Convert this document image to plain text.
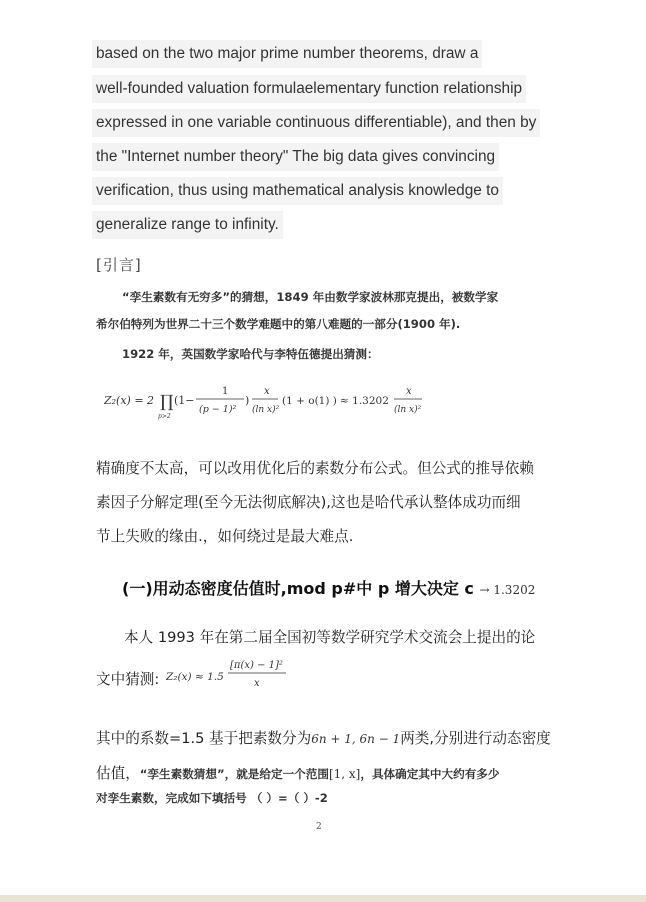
based on the two major prime number theorems, draw a
well-founded valuation formulaelementary function relationship
expressed in one variable continuous differentiable), and then by
the "Internet number theory" The big data gives convincing
verification, thus using mathematical analysis knowledge to
generalize range to infinity.
[引言]
“孪生素数有无穷多”的猜想，1849 年由数学家波林那克提出，被数学家
希尔伯特列为世界二十三个数学难题中的第八难题的一部分(1900 年).
1922 年，英国数学家哈代与李特伍德提出猜测：
Z₂(x) = 2 ∏
p>2
(1−
1
(p − 1)²
)
x
(ln x)²
(1 + o(1) ) ≈ 1.3202
x
(ln x)²
精确度不太高，可以改用优化后的素数分布公式。但公式的推导依赖
素因子分解定理(至今无法彻底解决),这也是哈代承认整体成功而细
节上失败的缘由.，如何绕过是最大难点.
(一)用动态密度估值时,mod p#中 p 增大决定 c → 1.3202
本人 1993 年在第二届全国初等数学研究学术交流会上提出的论
文中猜测: Z₂(x) ≈ 1.5
[π(x) − 1]²
x
其中的系数=1.5 基于把素数分为6n + 1, 6n − 1两类,分别进行动态密度
估值，“孪生素数猜想”，就是给定一个范围[1, x]，具体确定其中大约有多少
对孪生素数，完成如下填括号 （ ）=（ ）-2
2
